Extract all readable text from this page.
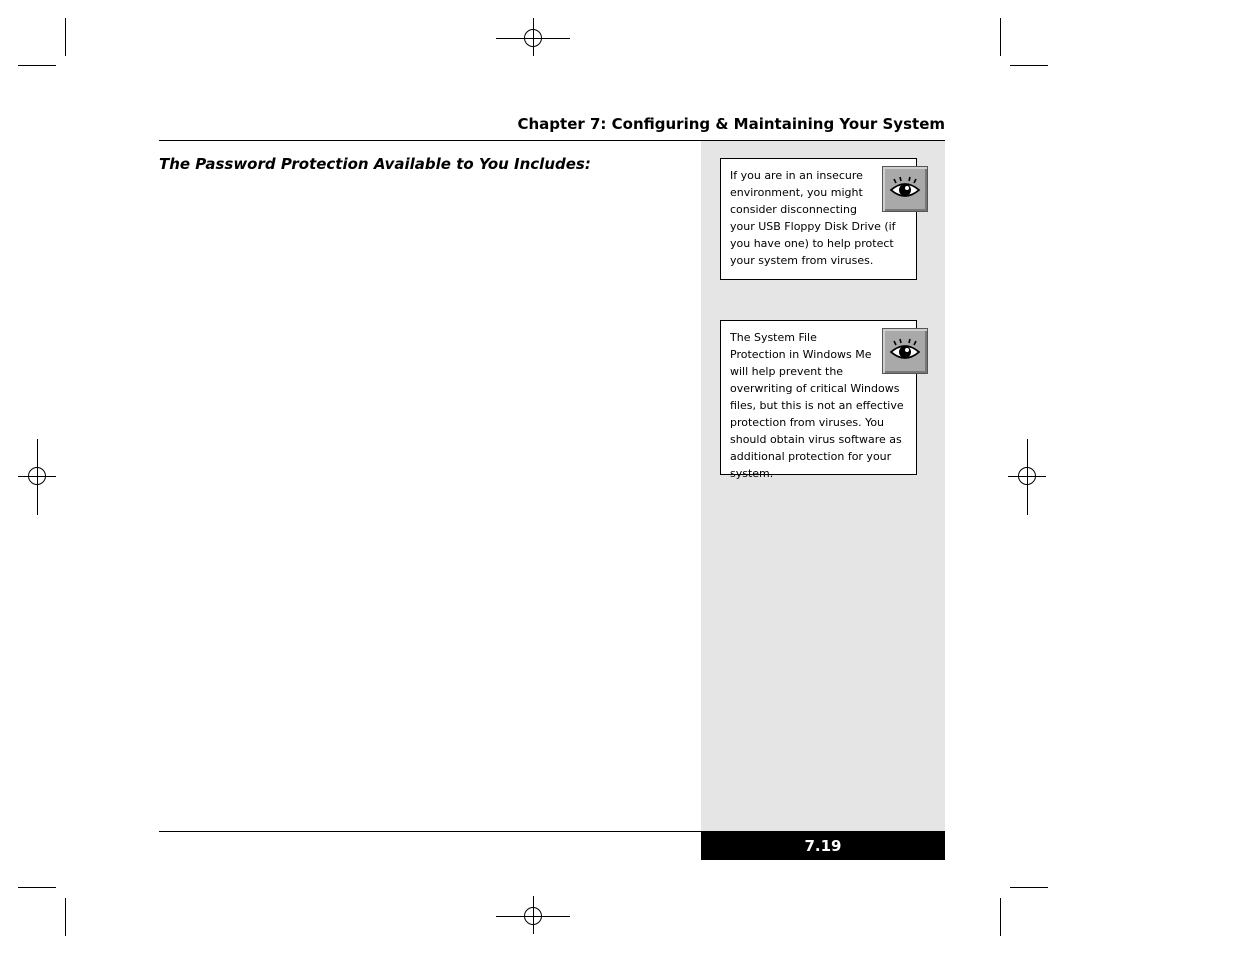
Chapter 7: Configuring & Maintaining Your System
The Password Protection Available to You Includes:
If you are in an insecure environment, you might consider disconnecting your USB Floppy Disk Drive (if you have one) to help protect your system from viruses.
The System File Protection in Windows Me will help prevent the overwriting of critical Windows files, but this is not an effective protection from viruses. You should obtain virus software as additional protection for your system.
7.19
